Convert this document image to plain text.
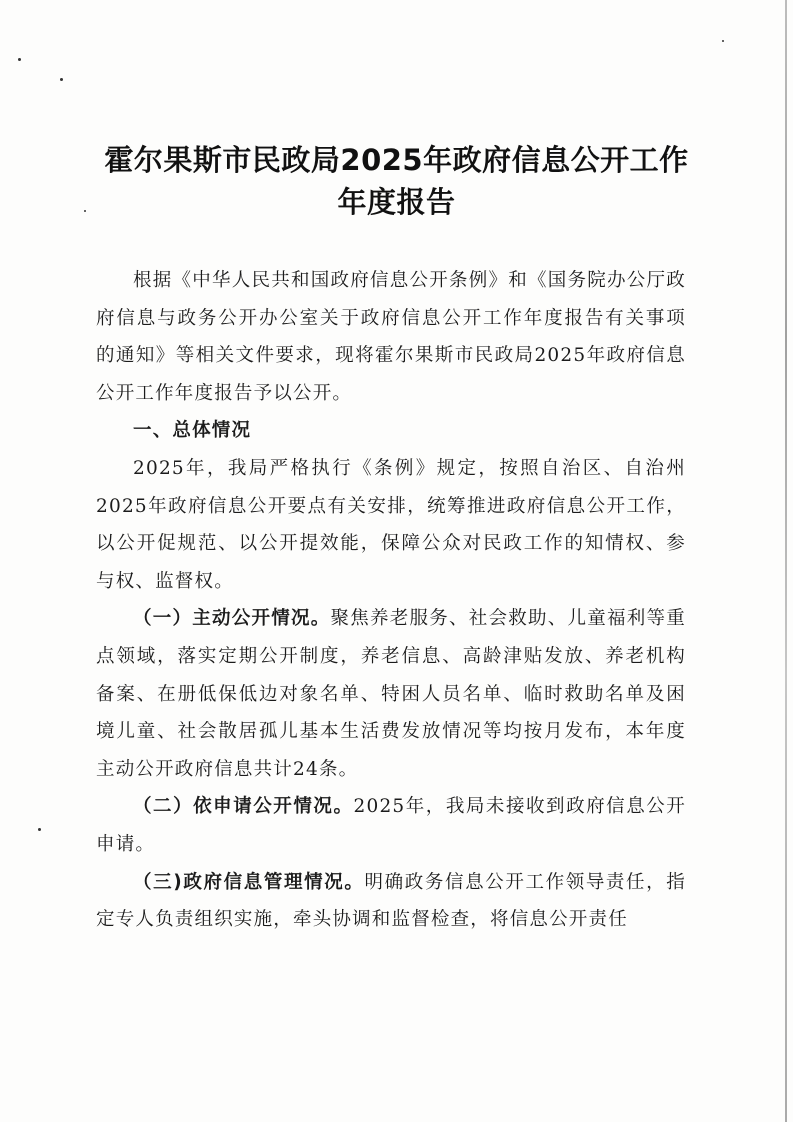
霍尔果斯市民政局2025年政府信息公开工作
年度报告

根据《中华人民共和国政府信息公开条例》和《国务院办公厅政府信息与政务公开办公室关于政府信息公开工作年度报告有关事项的通知》等相关文件要求，现将霍尔果斯市民政局2025年政府信息公开工作年度报告予以公开。

一、总体情况

2025年，我局严格执行《条例》规定，按照自治区、自治州2025年政府信息公开要点有关安排，统筹推进政府信息公开工作，以公开促规范、以公开提效能，保障公众对民政工作的知情权、参与权、监督权。

（一）主动公开情况。聚焦养老服务、社会救助、儿童福利等重点领域，落实定期公开制度，养老信息、高龄津贴发放、养老机构备案、在册低保低边对象名单、特困人员名单、临时救助名单及困境儿童、社会散居孤儿基本生活费发放情况等均按月发布，本年度主动公开政府信息共计24条。

（二）依申请公开情况。2025年，我局未接收到政府信息公开申请。

（三)政府信息管理情况。明确政务信息公开工作领导责任，指定专人负责组织实施，牵头协调和监督检查，将信息公开责任
